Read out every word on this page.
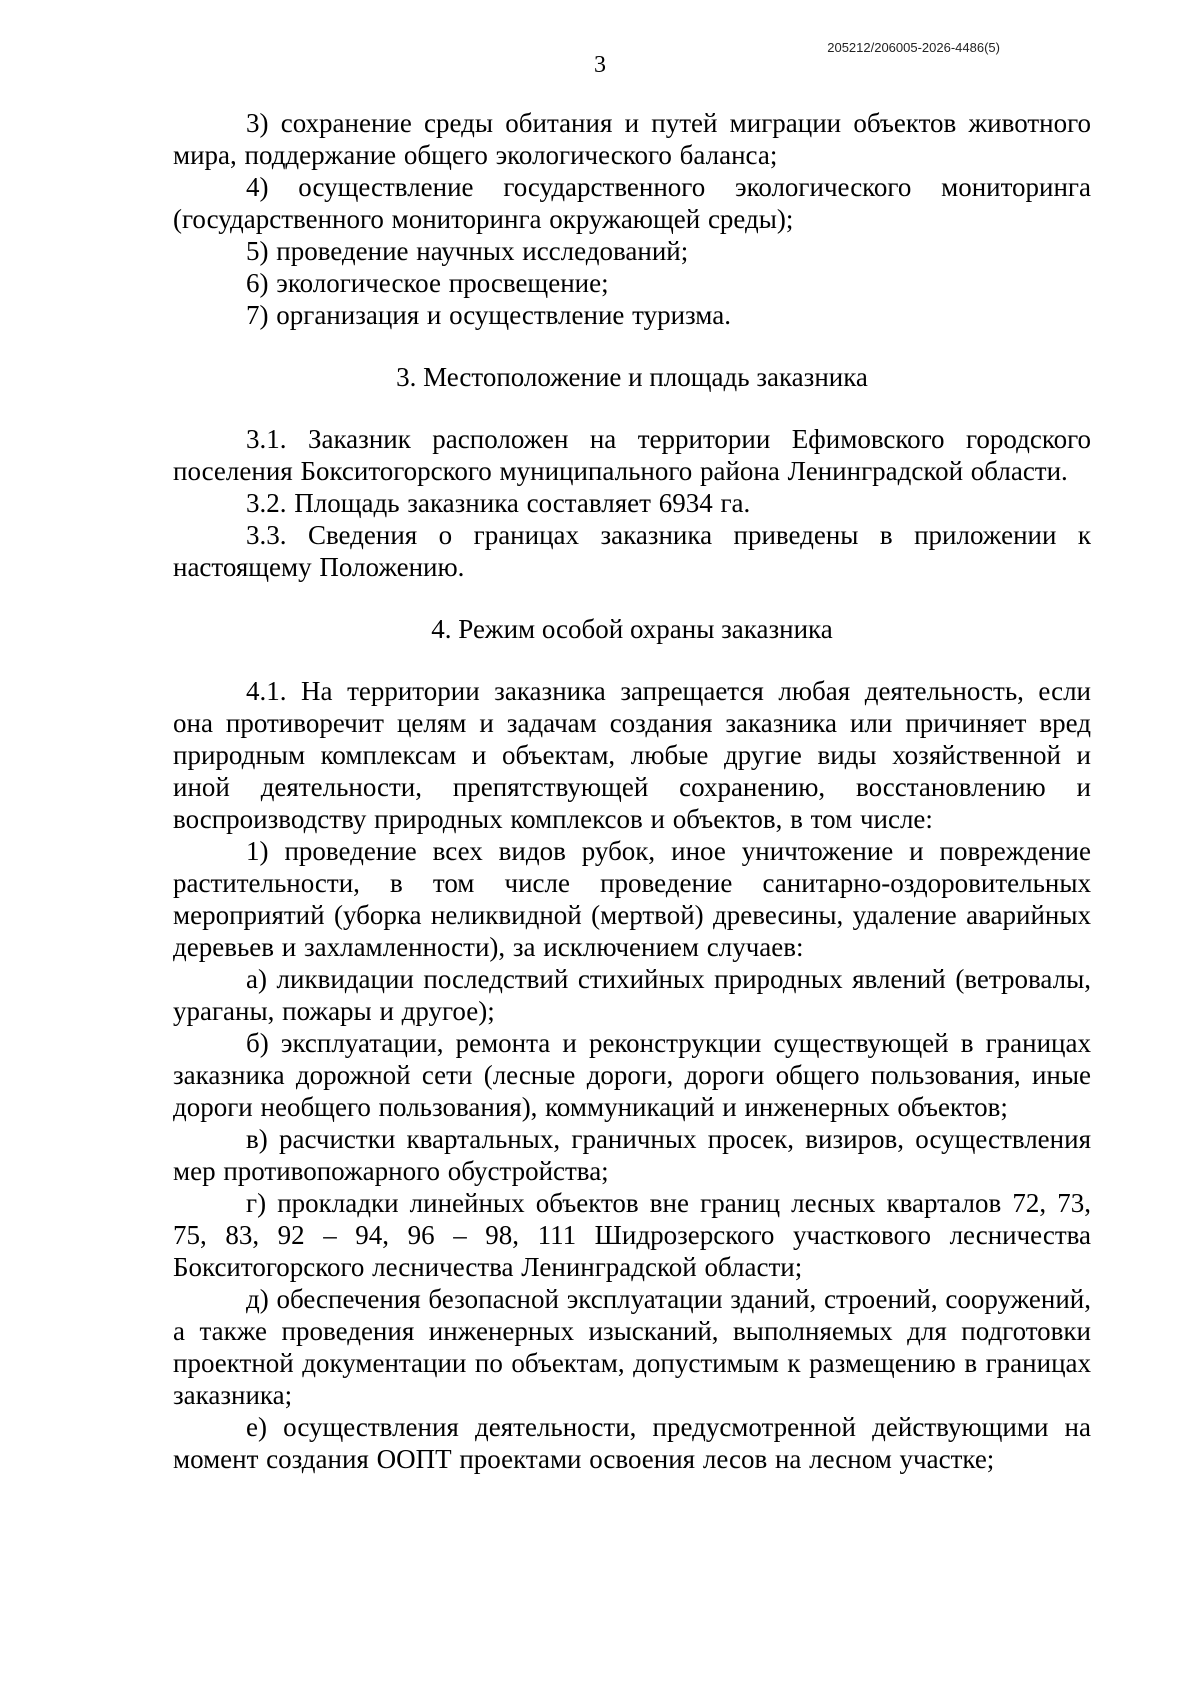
205212/206005-2026-4486(5)
3

3) сохранение среды обитания и путей миграции объектов животного мира, поддержание общего экологического баланса;

4) осуществление государственного экологического мониторинга (государственного мониторинга окружающей среды);

5) проведение научных исследований;

6) экологическое просвещение;

7) организация и осуществление туризма.

3. Местоположение и площадь заказника

3.1. Заказник расположен на территории Ефимовского городского поселения Бокситогорского муниципального района Ленинградской области.

3.2. Площадь заказника составляет 6934 га.

3.3. Сведения о границах заказника приведены в приложении к настоящему Положению.

4. Режим особой охраны заказника

4.1. На территории заказника запрещается любая деятельность, если она противоречит целям и задачам создания заказника или причиняет вред природным комплексам и объектам, любые другие виды хозяйственной и иной деятельности, препятствующей сохранению, восстановлению и воспроизводству природных комплексов и объектов, в том числе:

1) проведение всех видов рубок, иное уничтожение и повреждение растительности, в том числе проведение санитарно-оздоровительных мероприятий (уборка неликвидной (мертвой) древесины, удаление аварийных деревьев и захламленности), за исключением случаев:

а) ликвидации последствий стихийных природных явлений (ветровалы, ураганы, пожары и другое);

б) эксплуатации, ремонта и реконструкции существующей в границах заказника дорожной сети (лесные дороги, дороги общего пользования, иные дороги необщего пользования), коммуникаций и инженерных объектов;

в) расчистки квартальных, граничных просек, визиров, осуществления мер противопожарного обустройства;

г) прокладки линейных объектов вне границ лесных кварталов 72, 73, 75, 83, 92 – 94, 96 – 98, 111 Шидрозерского участкового лесничества Бокситогорского лесничества Ленинградской области;

д) обеспечения безопасной эксплуатации зданий, строений, сооружений, а также проведения инженерных изысканий, выполняемых для подготовки проектной документации по объектам, допустимым к размещению в границах заказника;

е) осуществления деятельности, предусмотренной действующими на момент создания ООПТ проектами освоения лесов на лесном участке;
